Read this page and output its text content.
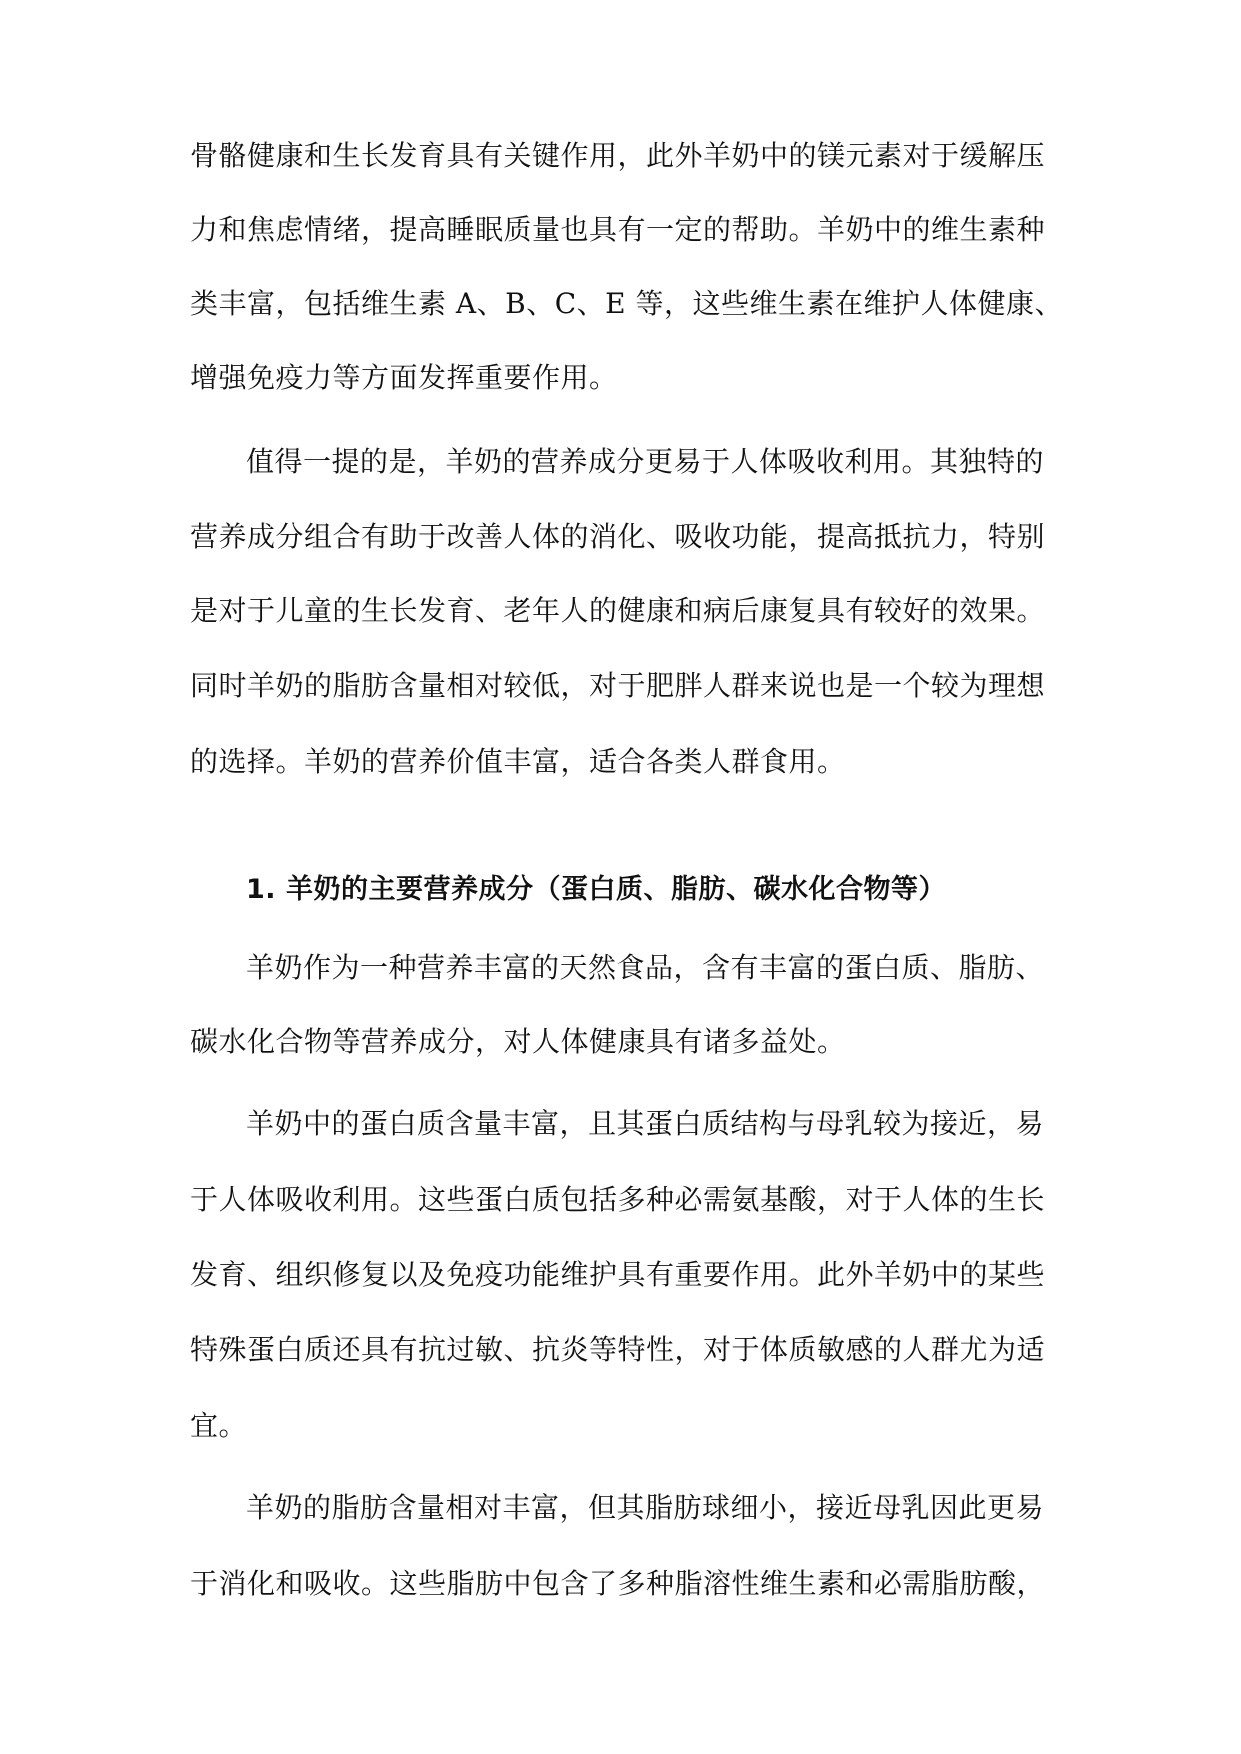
骨骼健康和生长发育具有关键作用，此外羊奶中的镁元素对于缓解压
力和焦虑情绪，提高睡眠质量也具有一定的帮助。羊奶中的维生素种
类丰富，包括维生素 A、B、C、E 等，这些维生素在维护人体健康、
增强免疫力等方面发挥重要作用。
值得一提的是，羊奶的营养成分更易于人体吸收利用。其独特的
营养成分组合有助于改善人体的消化、吸收功能，提高抵抗力，特别
是对于儿童的生长发育、老年人的健康和病后康复具有较好的效果。
同时羊奶的脂肪含量相对较低，对于肥胖人群来说也是一个较为理想
的选择。羊奶的营养价值丰富，适合各类人群食用。
1. 羊奶的主要营养成分（蛋白质、脂肪、碳水化合物等）
羊奶作为一种营养丰富的天然食品，含有丰富的蛋白质、脂肪、
碳水化合物等营养成分，对人体健康具有诸多益处。
羊奶中的蛋白质含量丰富，且其蛋白质结构与母乳较为接近，易
于人体吸收利用。这些蛋白质包括多种必需氨基酸，对于人体的生长
发育、组织修复以及免疫功能维护具有重要作用。此外羊奶中的某些
特殊蛋白质还具有抗过敏、抗炎等特性，对于体质敏感的人群尤为适
宜。
羊奶的脂肪含量相对丰富，但其脂肪球细小，接近母乳因此更易
于消化和吸收。这些脂肪中包含了多种脂溶性维生素和必需脂肪酸，
